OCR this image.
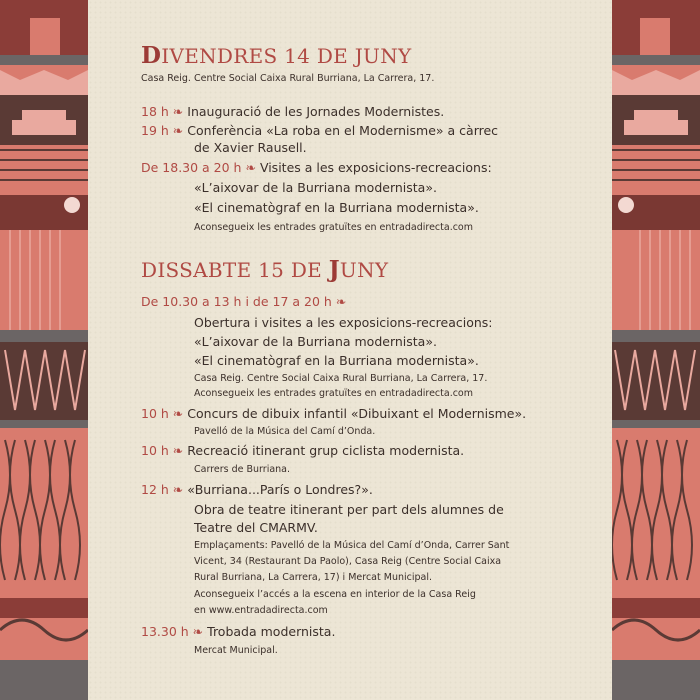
DIVENDRES 14 DE JUNY
Casa Reig. Centre Social Caixa Rural Burriana, La Carrera, 17.
18 h ❧ Inauguració de les Jornades Modernistes.
19 h ❧ Conferència «La roba en el Modernisme» a càrrec
de Xavier Rausell.
De 18.30 a 20 h ❧ Visites a les exposicions-recreacions:
«L’aixovar de la Burriana modernista».
«El cinematògraf en la Burriana modernista».
Aconsegueix les entrades gratuïtes en entradadirecta.com
DISSABTE 15 DE JUNY
De 10.30 a 13 h i de 17 a 20 h ❧
Obertura i visites a les exposicions-recreacions:
«L’aixovar de la Burriana modernista».
«El cinematògraf en la Burriana modernista».
Casa Reig. Centre Social Caixa Rural Burriana, La Carrera, 17.
Aconsegueix les entrades gratuïtes en entradadirecta.com
10 h ❧ Concurs de dibuix infantil «Dibuixant el Modernisme».
Pavelló de la Música del Camí d’Onda.
10 h ❧ Recreació itinerant grup ciclista modernista.
Carrers de Burriana.
12 h ❧ «Burriana...París o Londres?».
Obra de teatre itinerant per part dels alumnes de
Teatre del CMARMV.
Emplaçaments: Pavelló de la Música del Camí d’Onda, Carrer Sant
Vicent, 34 (Restaurant Da Paolo), Casa Reig (Centre Social Caixa
Rural Burriana, La Carrera, 17) i Mercat Municipal.
Aconsegueix l’accés a la escena en interior de la Casa Reig
en www.entradadirecta.com
13.30 h ❧ Trobada modernista.
Mercat Municipal.
